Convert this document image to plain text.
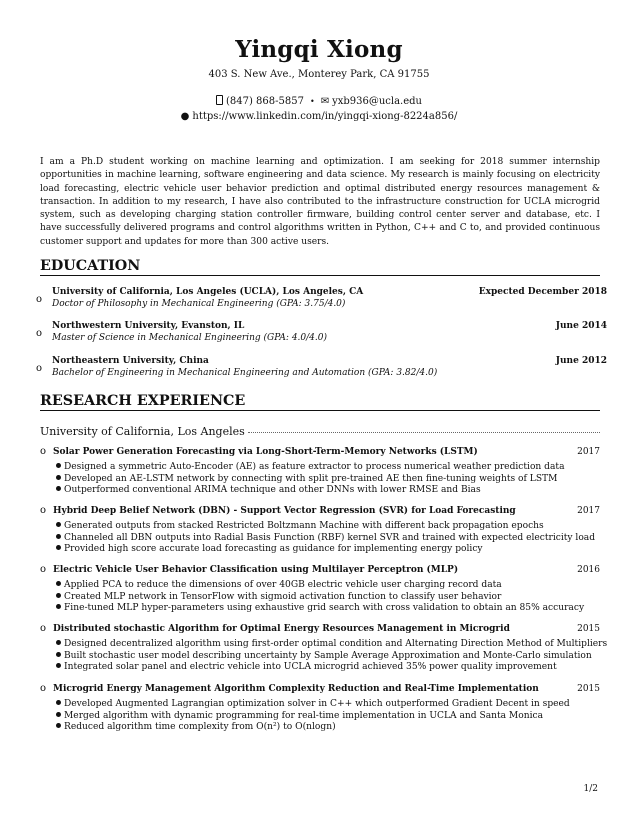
Yingqi Xiong
403 S. New Ave., Monterey Park, CA 91755
(847) 868-5857 • ✉ yxb936@ucla.edu
● https://www.linkedin.com/in/yingqi-xiong-8224a856/
I am a Ph.D student working on machine learning and optimization. I am seeking for 2018 summer internship opportunities in machine learning, software engineering and data science. My research is mainly focusing on electricity load forecasting, electric vehicle user behavior prediction and optimal distributed energy resources management & transaction. In addition to my research, I have also contributed to the infrastructure construction for UCLA microgrid system, such as developing charging station controller firmware, building control center server and database, etc. I have successfully delivered programs and control algorithms written in Python, C++ and C to, and provided continuous customer support and updates for more than 300 active users.
EDUCATION
o
University of California, Los Angeles (UCLA), Los Angeles, CA	Expected December 2018
Doctor of Philosophy in Mechanical Engineering (GPA: 3.75/4.0)
o
Northwestern University, Evanston, IL	June 2014
Master of Science in Mechanical Engineering (GPA: 4.0/4.0)
o
Northeastern University, China	June 2012
Bachelor of Engineering in Mechanical Engineering and Automation (GPA: 3.82/4.0)
RESEARCH EXPERIENCE
University of California, Los Angeles
o Solar Power Generation Forecasting via Long-Short-Term-Memory Networks (LSTM)	2017
Designed a symmetric Auto-Encoder (AE) as feature extractor to process numerical weather prediction data
Developed an AE-LSTM network by connecting with split pre-trained AE then fine-tuning weights of LSTM
Outperformed conventional ARIMA technique and other DNNs with lower RMSE and Bias
o Hybrid Deep Belief Network (DBN) - Support Vector Regression (SVR) for Load Forecasting	2017
Generated outputs from stacked Restricted Boltzmann Machine with different back propagation epochs
Channeled all DBN outputs into Radial Basis Function (RBF) kernel SVR and trained with expected electricity load
Provided high score accurate load forecasting as guidance for implementing energy policy
o Electric Vehicle User Behavior Classification using Multilayer Perceptron (MLP)	2016
Applied PCA to reduce the dimensions of over 40GB electric vehicle user charging record data
Created MLP network in TensorFlow with sigmoid activation function to classify user behavior
Fine-tuned MLP hyper-parameters using exhaustive grid search with cross validation to obtain an 85% accuracy
o Distributed stochastic Algorithm for Optimal Energy Resources Management in Microgrid	2015
Designed decentralized algorithm using first-order optimal condition and Alternating Direction Method of Multipliers
Built stochastic user model describing uncertainty by Sample Average Approximation and Monte-Carlo simulation
Integrated solar panel and electric vehicle into UCLA microgrid achieved 35% power quality improvement
o Microgrid Energy Management Algorithm Complexity Reduction and Real-Time Implementation	2015
Developed Augmented Lagrangian optimization solver in C++ which outperformed Gradient Decent in speed
Merged algorithm with dynamic programming for real-time implementation in UCLA and Santa Monica
Reduced algorithm time complexity from O(n²) to O(nlogn)
1/2
